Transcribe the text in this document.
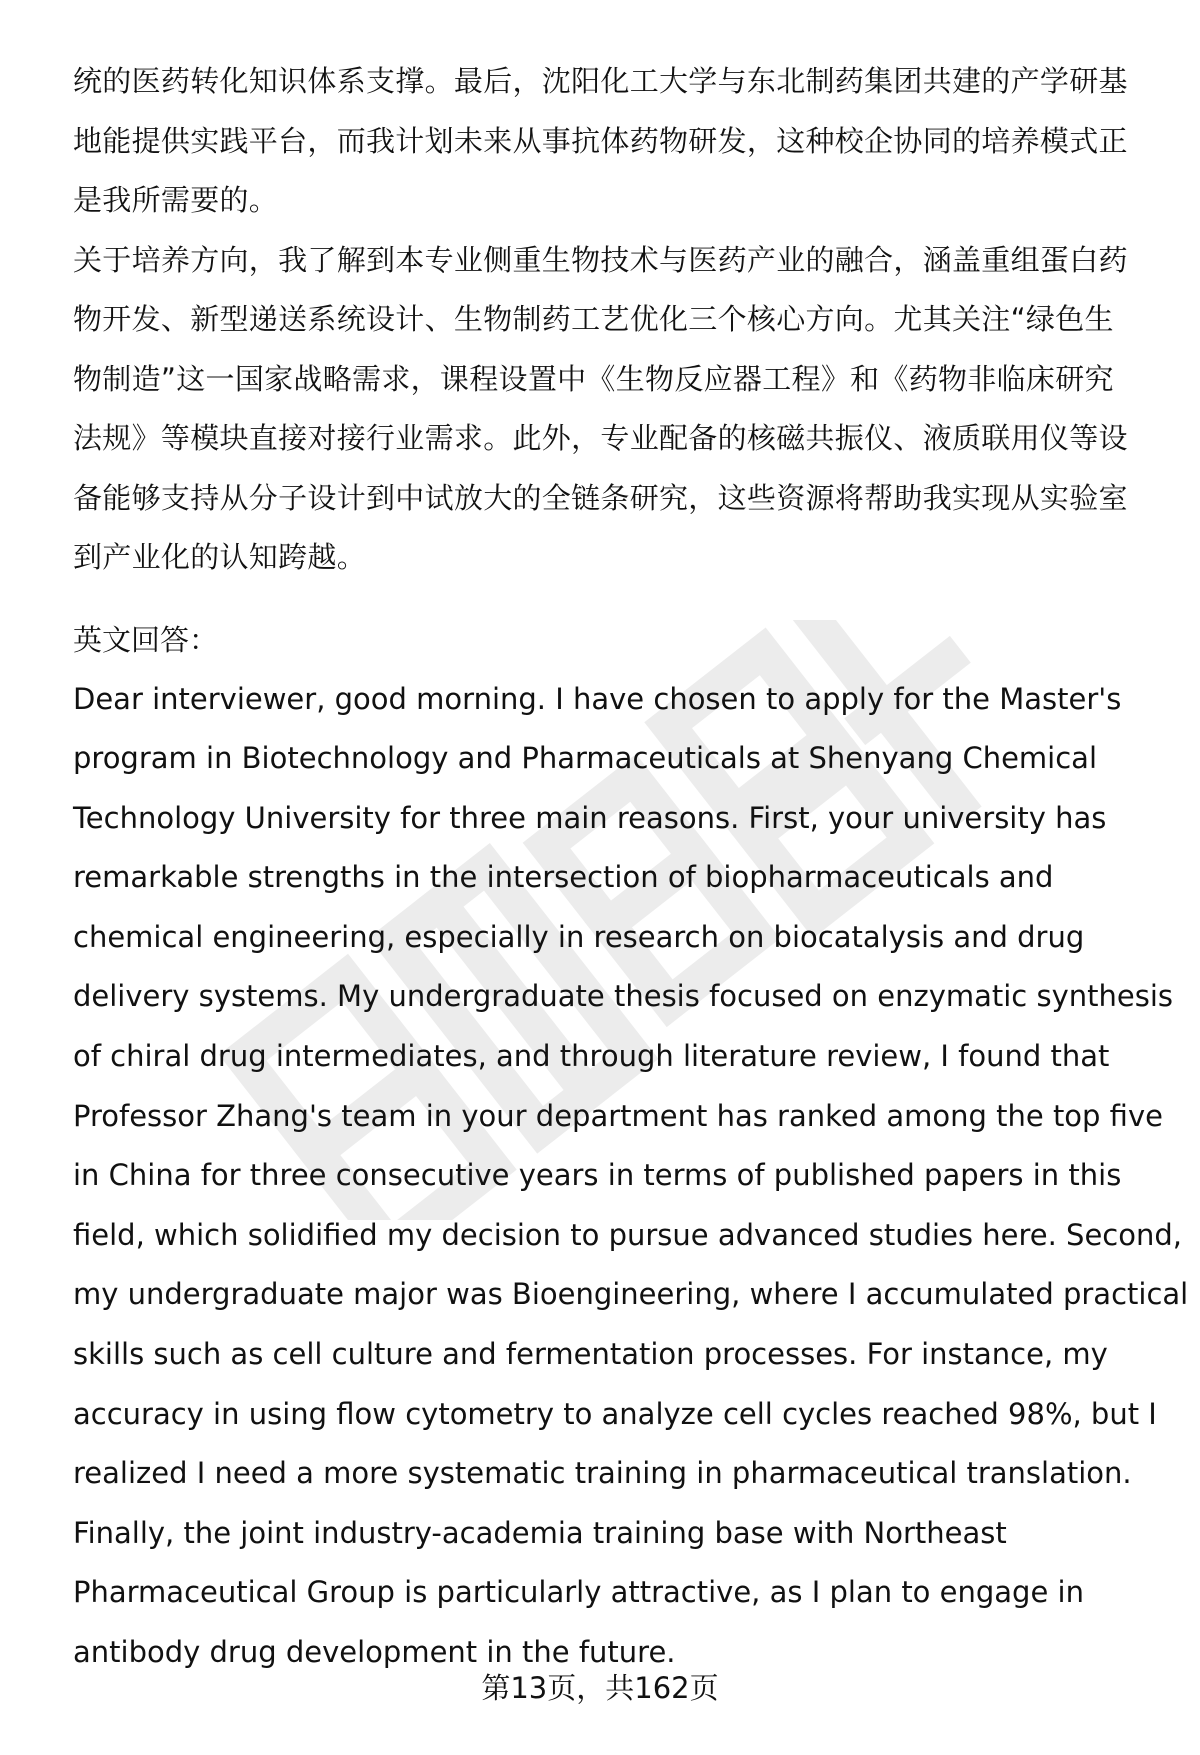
统的医药转化知识体系支撑。最后，沈阳化工大学与东北制药集团共建的产学研基
地能提供实践平台，而我计划未来从事抗体药物研发，这种校企协同的培养模式正
是我所需要的。

关于培养方向，我了解到本专业侧重生物技术与医药产业的融合，涵盖重组蛋白药
物开发、新型递送系统设计、生物制药工艺优化三个核心方向。尤其关注“绿色生
物制造”这一国家战略需求，课程设置中《生物反应器工程》和《药物非临床研究
法规》等模块直接对接行业需求。此外，专业配备的核磁共振仪、液质联用仪等设
备能够支持从分子设计到中试放大的全链条研究，这些资源将帮助我实现从实验室
到产业化的认知跨越。

英文回答：

Dear interviewer, good morning. I have chosen to apply for the Master's
program in Biotechnology and Pharmaceuticals at Shenyang Chemical
Technology University for three main reasons. First, your university has
remarkable strengths in the intersection of biopharmaceuticals and
chemical engineering, especially in research on biocatalysis and drug
delivery systems. My undergraduate thesis focused on enzymatic synthesis
of chiral drug intermediates, and through literature review, I found that
Professor Zhang's team in your department has ranked among the top five
in China for three consecutive years in terms of published papers in this
field, which solidified my decision to pursue advanced studies here. Second,
my undergraduate major was Bioengineering, where I accumulated practical
skills such as cell culture and fermentation processes. For instance, my
accuracy in using flow cytometry to analyze cell cycles reached 98%, but I
realized I need a more systematic training in pharmaceutical translation.
Finally, the joint industry-academia training base with Northeast
Pharmaceutical Group is particularly attractive, as I plan to engage in
antibody drug development in the future.

第13页，共162页
